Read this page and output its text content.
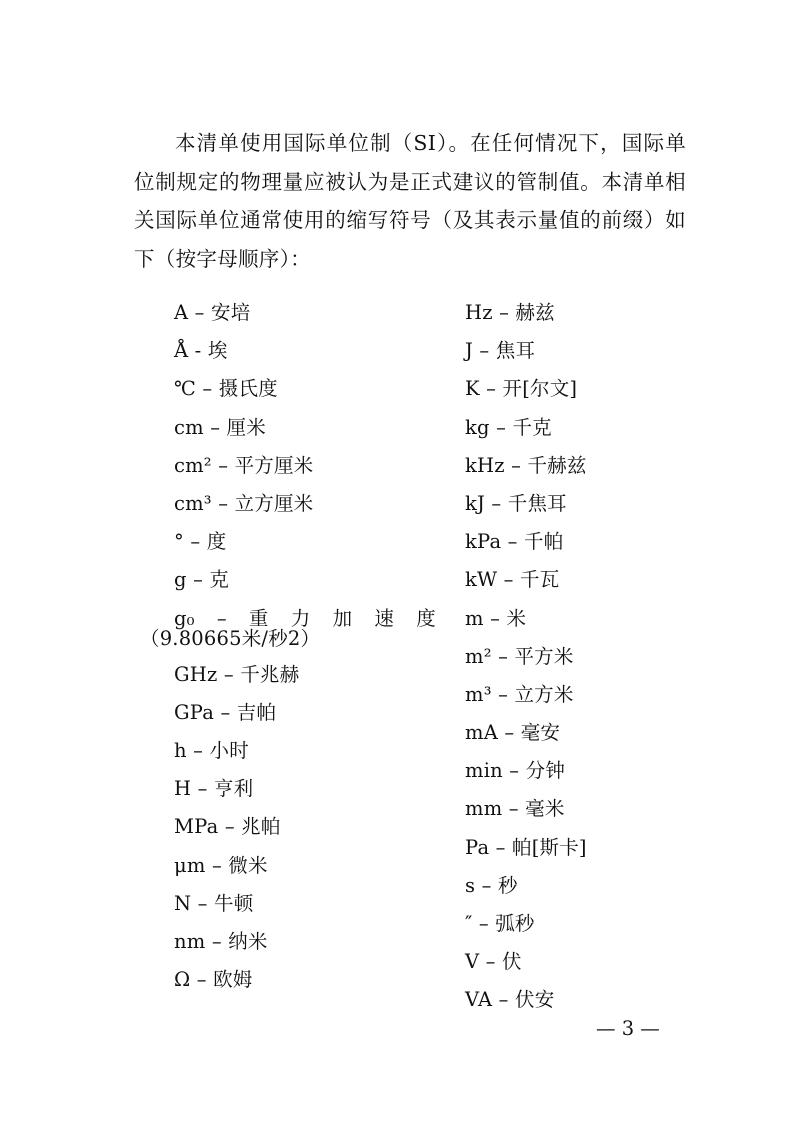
本清单使用国际单位制（SI）。在任何情况下，国际单位制规定的物理量应被认为是正式建议的管制值。本清单相关国际单位通常使用的缩写符号（及其表示量值的前缀）如下（按字母顺序）：

A – 安培
Å - 埃
℃ – 摄氏度
cm – 厘米
cm² – 平方厘米
cm³ – 立方厘米
° – 度
g – 克
g₀ – 重 力 加 速 度
（9.80665米/秒2）
GHz – 千兆赫
GPa – 吉帕
h – 小时
H – 亨利
MPa – 兆帕
μm – 微米
N – 牛顿
nm – 纳米
Ω – 欧姆
Hz – 赫兹
J – 焦耳
K – 开[尔文]
kg – 千克
kHz – 千赫兹
kJ – 千焦耳
kPa – 千帕
kW – 千瓦
m – 米
m² – 平方米
m³ – 立方米
mA – 毫安
min – 分钟
mm – 毫米
Pa – 帕[斯卡]
s – 秒
″ – 弧秒
V – 伏
VA – 伏安
— 3 —
